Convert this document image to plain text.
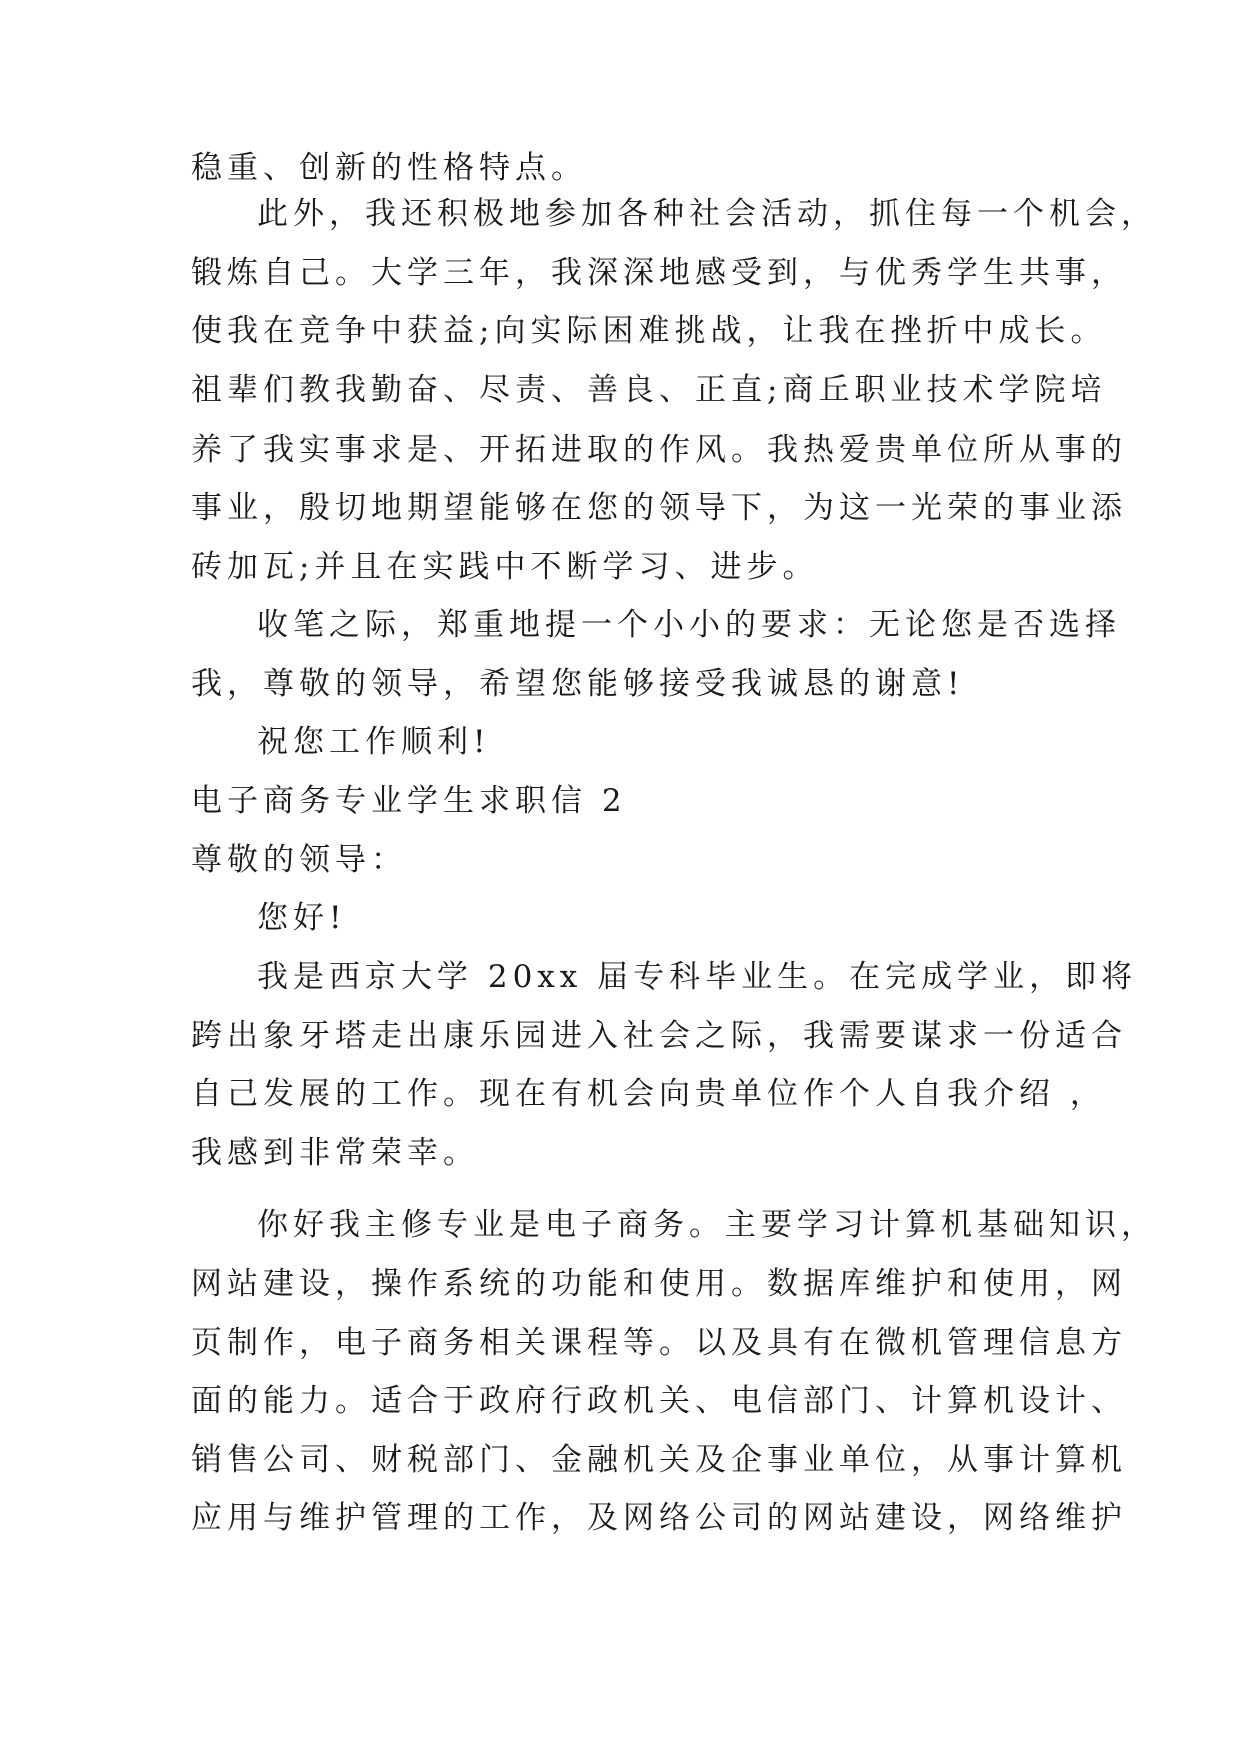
稳重、创新的性格特点。
此外，我还积极地参加各种社会活动，抓住每一个机会，
锻炼自己。大学三年，我深深地感受到，与优秀学生共事，
使我在竞争中获益;向实际困难挑战，让我在挫折中成长。
祖辈们教我勤奋、尽责、善良、正直;商丘职业技术学院培
养了我实事求是、开拓进取的作风。我热爱贵单位所从事的
事业，殷切地期望能够在您的领导下，为这一光荣的事业添
砖加瓦;并且在实践中不断学习、进步。
收笔之际，郑重地提一个小小的要求：无论您是否选择
我，尊敬的领导，希望您能够接受我诚恳的谢意!
祝您工作顺利!
电子商务专业学生求职信 2
尊敬的领导：
您好!
我是西京大学 20xx 届专科毕业生。在完成学业，即将
跨出象牙塔走出康乐园进入社会之际，我需要谋求一份适合
自己发展的工作。现在有机会向贵单位作个人自我介绍 ，
我感到非常荣幸。
你好我主修专业是电子商务。主要学习计算机基础知识，
网站建设，操作系统的功能和使用。数据库维护和使用，网
页制作，电子商务相关课程等。以及具有在微机管理信息方
面的能力。适合于政府行政机关、电信部门、计算机设计、
销售公司、财税部门、金融机关及企事业单位，从事计算机
应用与维护管理的工作，及网络公司的网站建设，网络维护
